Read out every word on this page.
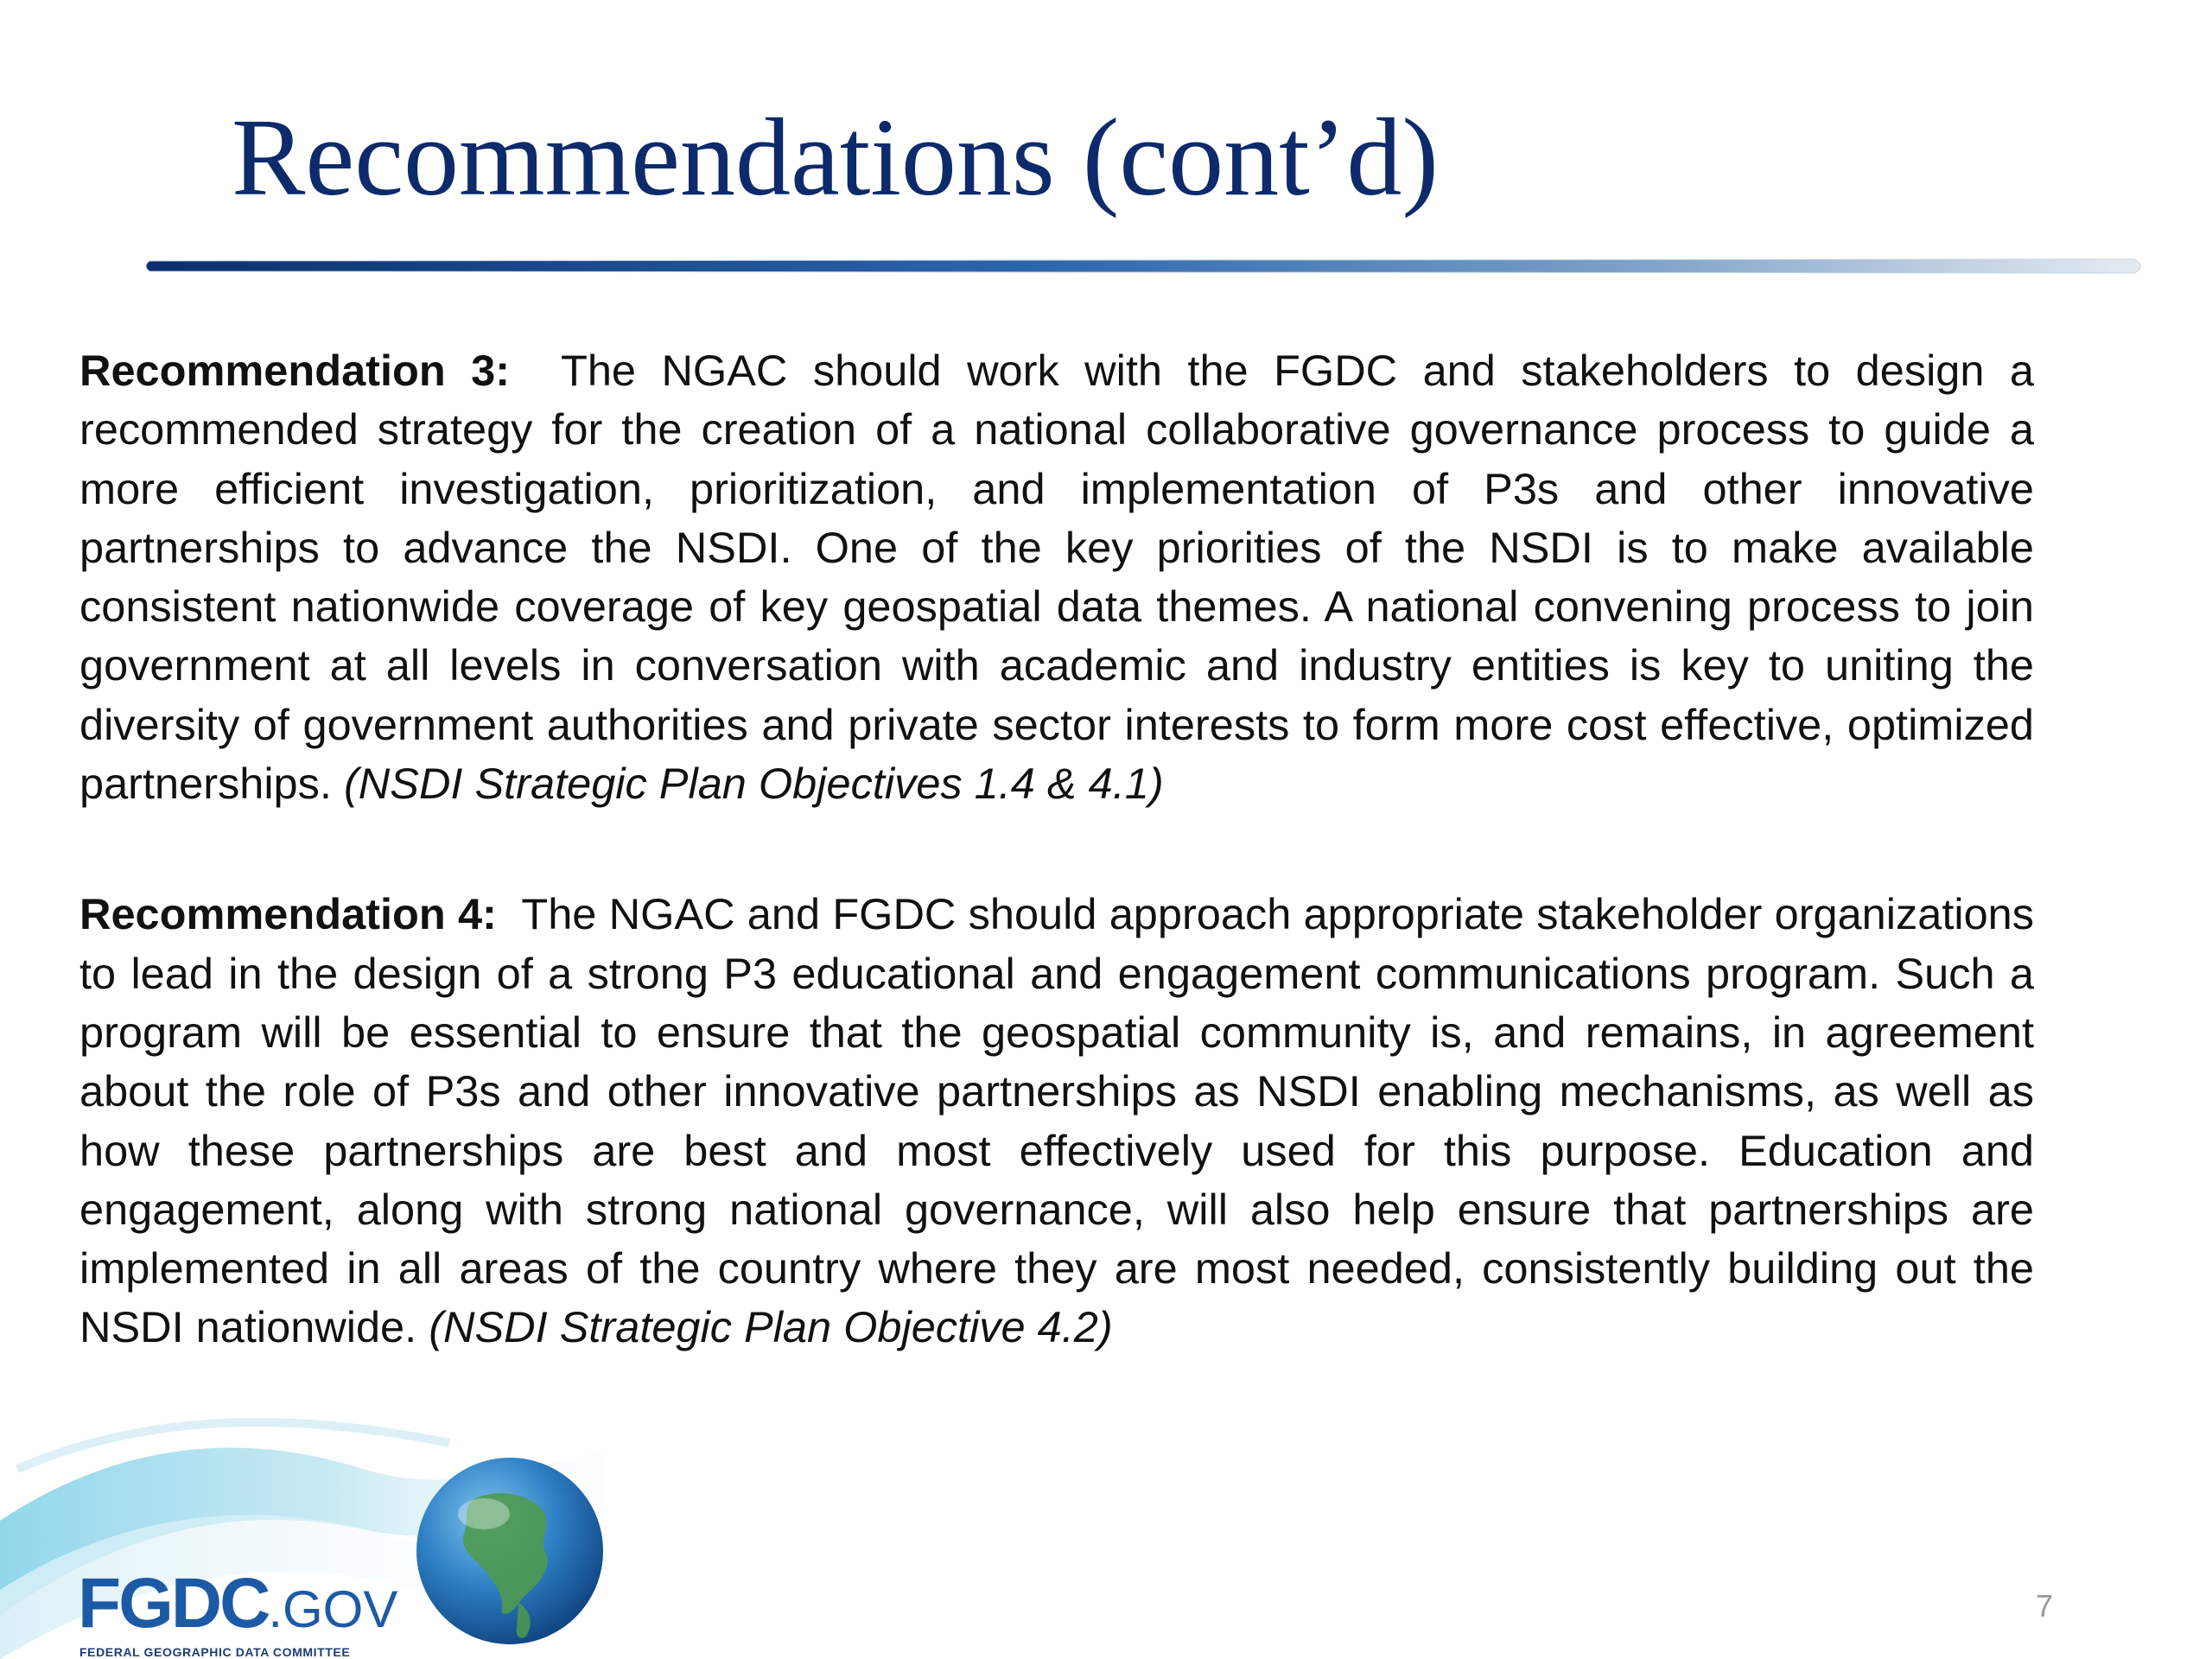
Recommendations (cont’d)

Recommendation 3: The NGAC should work with the FGDC and stakeholders to design a recommended strategy for the creation of a national collaborative governance process to guide a more efficient investigation, prioritization, and implementation of P3s and other innovative partnerships to advance the NSDI. One of the key priorities of the NSDI is to make available consistent nationwide coverage of key geospatial data themes. A national convening process to join government at all levels in conversation with academic and industry entities is key to uniting the diversity of government authorities and private sector interests to form more cost effective, optimized partnerships. (NSDI Strategic Plan Objectives 1.4 & 4.1)

Recommendation 4: The NGAC and FGDC should approach appropriate stakeholder organizations to lead in the design of a strong P3 educational and engagement communications program. Such a program will be essential to ensure that the geospatial community is, and remains, in agreement about the role of P3s and other innovative partnerships as NSDI enabling mechanisms, as well as how these partnerships are best and most effectively used for this purpose. Education and engagement, along with strong national governance, will also help ensure that partnerships are implemented in all areas of the country where they are most needed, consistently building out the NSDI nationwide. (NSDI Strategic Plan Objective 4.2)

FGDC.GOV
FEDERAL GEOGRAPHIC DATA COMMITTEE
7
